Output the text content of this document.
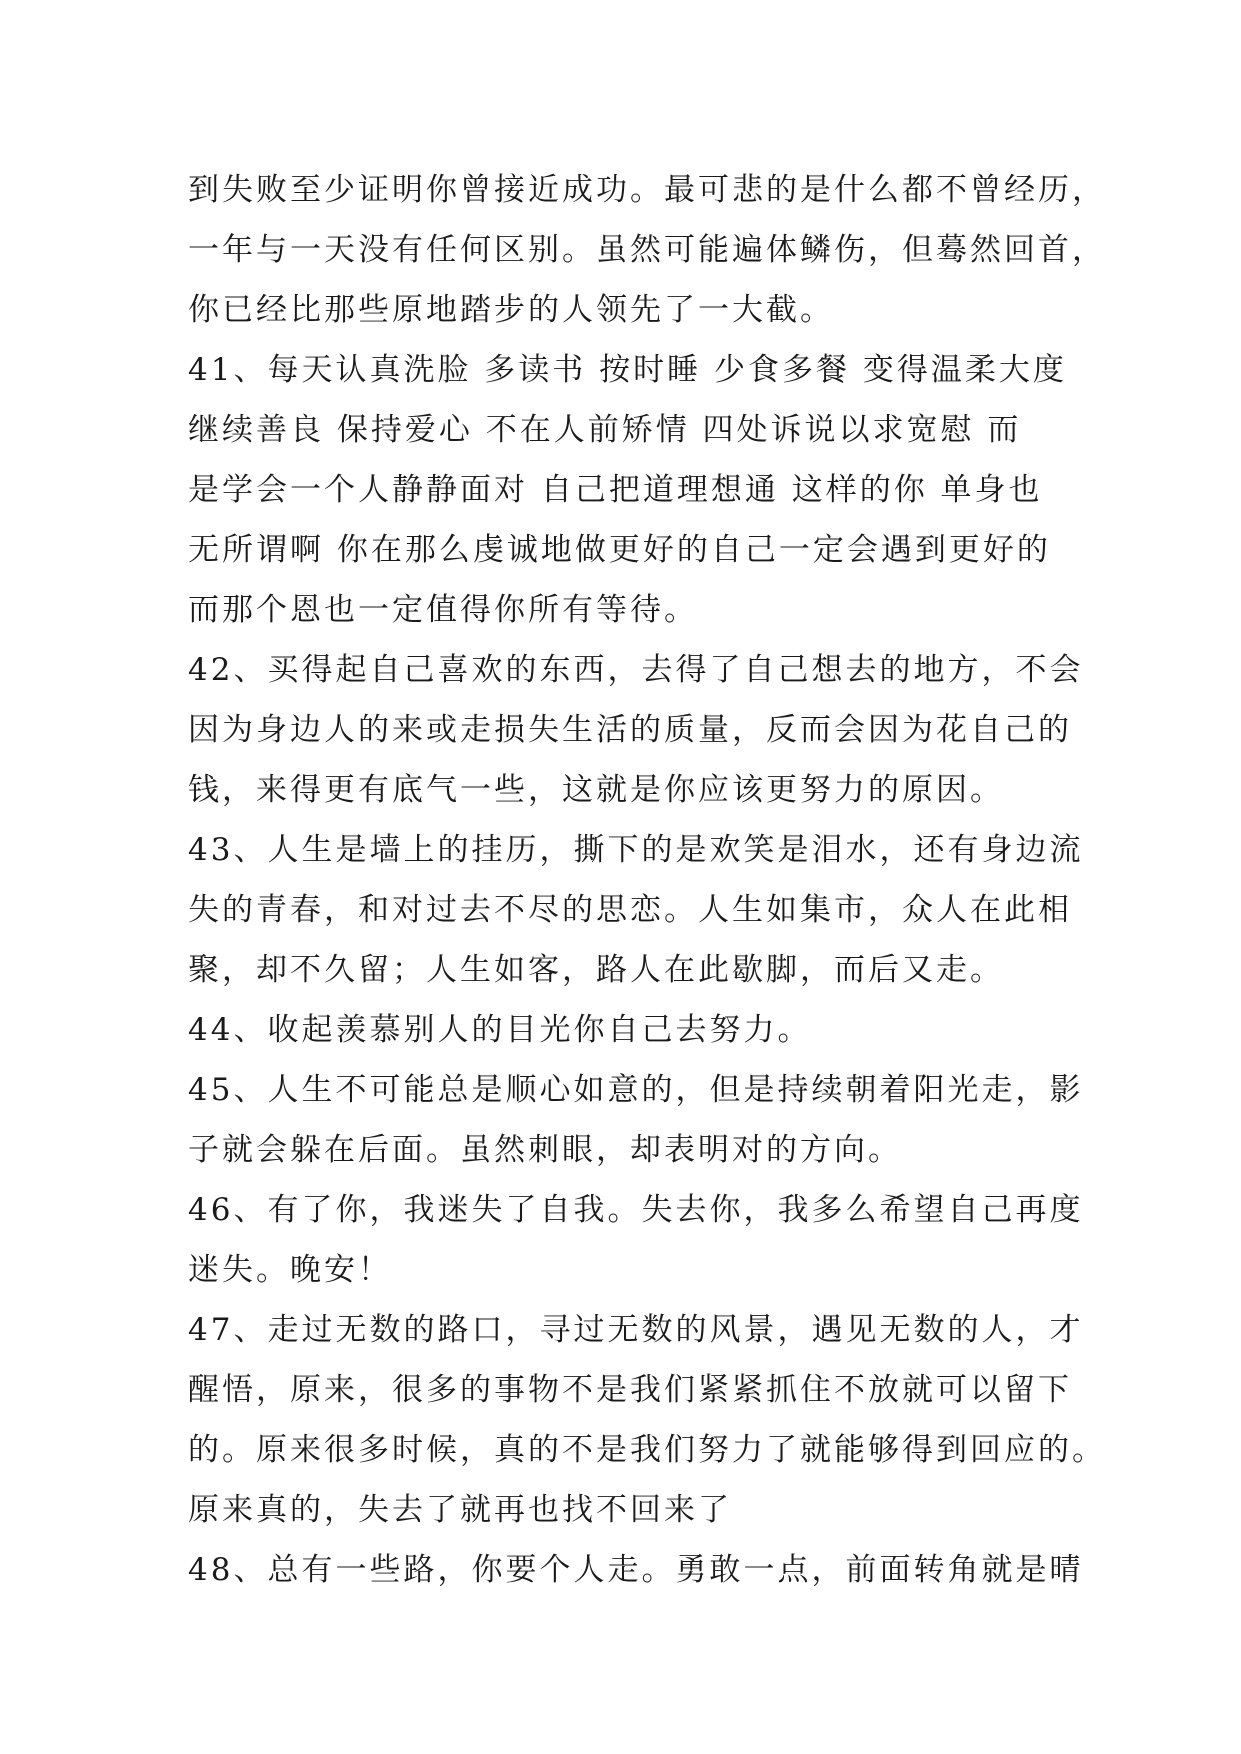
到失败至少证明你曾接近成功。最可悲的是什么都不曾经历，
一年与一天没有任何区别。虽然可能遍体鳞伤，但蓦然回首，
你已经比那些原地踏步的人领先了一大截。
41、每天认真洗脸 多读书 按时睡 少食多餐 变得温柔大度
继续善良 保持爱心 不在人前矫情 四处诉说以求宽慰 而
是学会一个人静静面对 自己把道理想通 这样的你 单身也
无所谓啊 你在那么虔诚地做更好的自己一定会遇到更好的
而那个恩也一定值得你所有等待。
42、买得起自己喜欢的东西，去得了自己想去的地方，不会
因为身边人的来或走损失生活的质量，反而会因为花自己的
钱，来得更有底气一些，这就是你应该更努力的原因。
43、人生是墙上的挂历，撕下的是欢笑是泪水，还有身边流
失的青春，和对过去不尽的思恋。人生如集市，众人在此相
聚，却不久留；人生如客，路人在此歇脚，而后又走。
44、收起羡慕别人的目光你自己去努力。
45、人生不可能总是顺心如意的，但是持续朝着阳光走，影
子就会躲在后面。虽然刺眼，却表明对的方向。
46、有了你，我迷失了自我。失去你，我多么希望自己再度
迷失。晚安！
47、走过无数的路口，寻过无数的风景，遇见无数的人，才
醒悟，原来，很多的事物不是我们紧紧抓住不放就可以留下
的。原来很多时候，真的不是我们努力了就能够得到回应的。
原来真的，失去了就再也找不回来了
48、总有一些路，你要个人走。勇敢一点，前面转角就是晴
